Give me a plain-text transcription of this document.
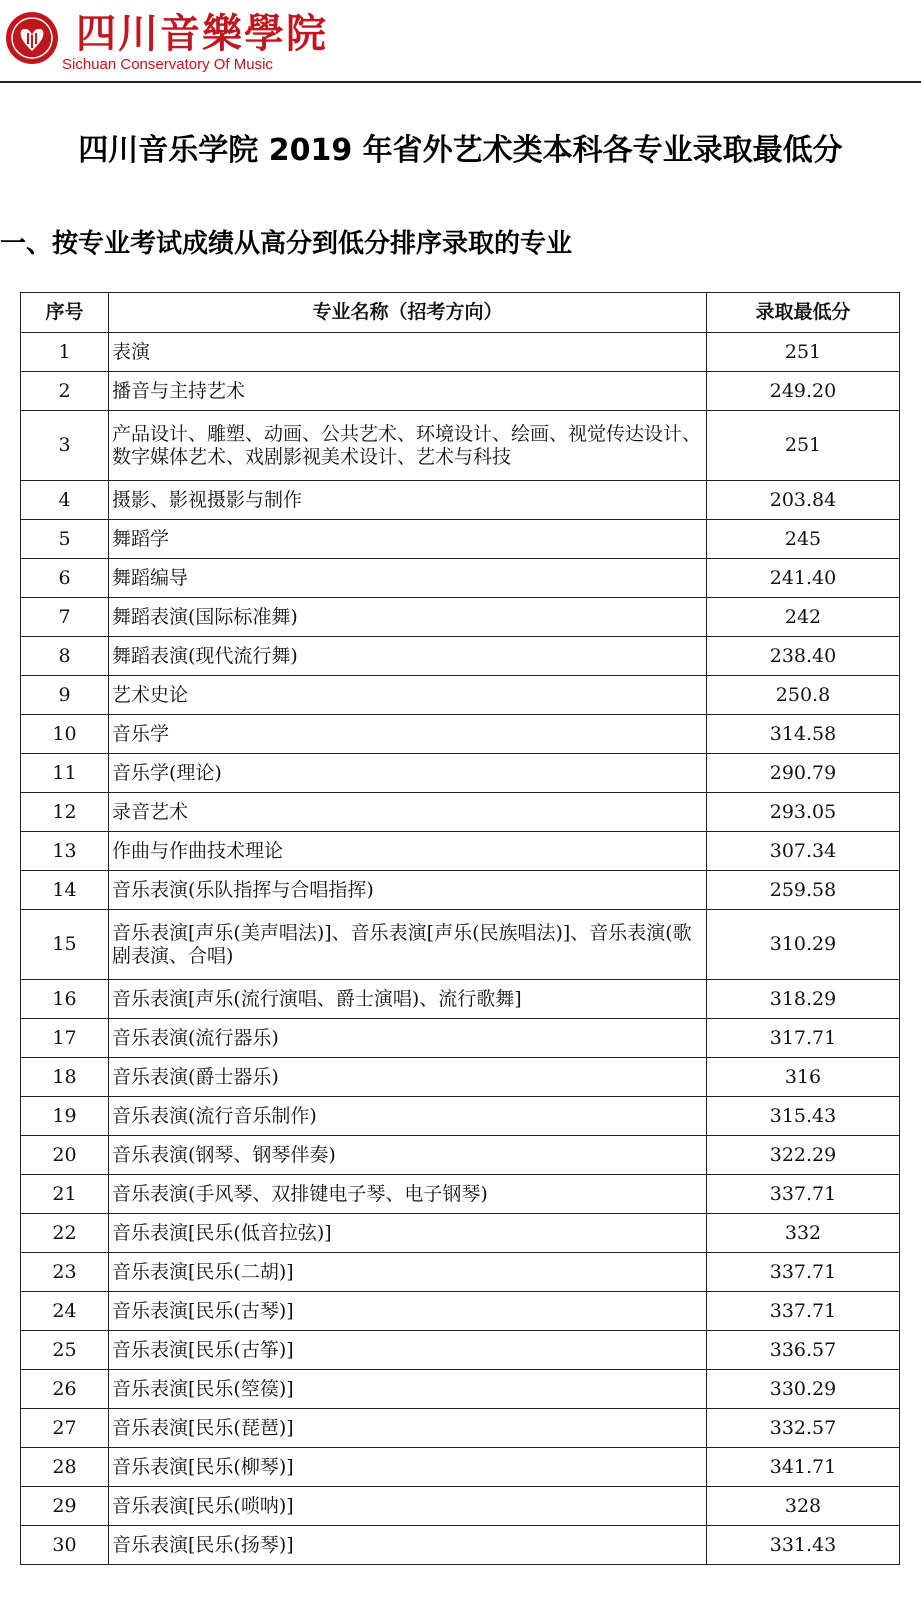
四川音樂學院
Sichuan Conservatory Of Music
四川音乐学院 2019 年省外艺术类本科各专业录取最低分
一、按专业考试成绩从高分到低分排序录取的专业
序号	专业名称（招考方向）	录取最低分
1	表演	251
2	播音与主持艺术	249.20
3	产品设计、雕塑、动画、公共艺术、环境设计、绘画、视觉传达设计、数字媒体艺术、戏剧影视美术设计、艺术与科技	251
4	摄影、影视摄影与制作	203.84
5	舞蹈学	245
6	舞蹈编导	241.40
7	舞蹈表演(国际标准舞)	242
8	舞蹈表演(现代流行舞)	238.40
9	艺术史论	250.8
10	音乐学	314.58
11	音乐学(理论)	290.79
12	录音艺术	293.05
13	作曲与作曲技术理论	307.34
14	音乐表演(乐队指挥与合唱指挥)	259.58
15	音乐表演[声乐(美声唱法)]、音乐表演[声乐(民族唱法)]、音乐表演(歌剧表演、合唱)	310.29
16	音乐表演[声乐(流行演唱、爵士演唱)、流行歌舞]	318.29
17	音乐表演(流行器乐)	317.71
18	音乐表演(爵士器乐)	316
19	音乐表演(流行音乐制作)	315.43
20	音乐表演(钢琴、钢琴伴奏)	322.29
21	音乐表演(手风琴、双排键电子琴、电子钢琴)	337.71
22	音乐表演[民乐(低音拉弦)]	332
23	音乐表演[民乐(二胡)]	337.71
24	音乐表演[民乐(古琴)]	337.71
25	音乐表演[民乐(古筝)]	336.57
26	音乐表演[民乐(箜篌)]	330.29
27	音乐表演[民乐(琵琶)]	332.57
28	音乐表演[民乐(柳琴)]	341.71
29	音乐表演[民乐(唢呐)]	328
30	音乐表演[民乐(扬琴)]	331.43
